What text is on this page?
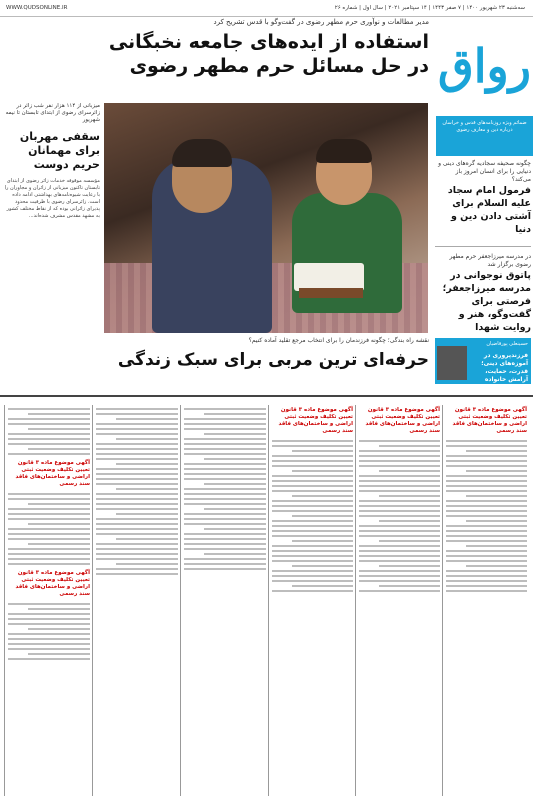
WWW.QUDSONLINE.IR	سه‌شنبه ۲۳ شهریور ۱۴۰۰ | ۷ صفر ۱۴۴۳ | ۱۴ سپتامبر ۲۰۲۱ | سال اول | شماره ۲۶
رواق
ضمائم ویژه روزنامه‌های قدس و خراسان درباره دین و معارف رضوی
مدیر مطالعات و نوآوری حرم مطهر رضوی در گفت‌وگو با قدس تشریح کرد
استفاده از ایده‌های جامعه نخبگانی در حل مسائل حرم مطهر رضوی
نقشه راه بندگی؛ چگونه فرزندمان را برای انتخاب مرجع تقلید آماده کنیم؟
حرفه‌ای ترین مربی برای سبک زندگی
میزبانی از ۱۱۴ هزار نفر شب زائر در زائرسرای رضوی از ابتدای تابستان تا نیمه شهریور
سقفی مهربان برای مهمانان حریم دوست
مؤسسه موقوفه خدمات زائر رضوی از ابتدای تابستان تاکنون میزبانی از زائران و مجاوران را با رعایت شیوه‌نامه‌های بهداشتی ادامه داده است. زائرسرای رضوی با ظرفیت محدود پذیرای زائرانی بوده که از نقاط مختلف کشور به مشهد مقدس مشرف شده‌اند...
چگونه صحیفه سجادیه گره‌های دینی و دنیایی را برای انسان امروز باز می‌کند؟
فرمول امام سجاد علیه السلام برای آشتی دادن دین و دنیا
در مدرسه میرزاجعفر حرم مطهر رضوی برگزار شد
پاتوق نوجوانی در مدرسه میرزاجعفر؛ فرصتی برای گفت‌وگو، هنر و روایت شهدا
حسینعلی پورقاضیان
فرزندپروری در آموزه‌های دینی؛ قدرت، حمایت، آرامش خانواده
آگهی موضوع ماده ۳ قانون تعیین تکلیف وضعیت ثبتی اراضی و ساختمان‌های فاقد سند رسمی
آگهی موضوع ماده ۳ قانون تعیین تکلیف وضعیت ثبتی اراضی و ساختمان‌های فاقد سند رسمی
آگهی موضوع ماده ۳ قانون تعیین تکلیف وضعیت ثبتی اراضی و ساختمان‌های فاقد سند رسمی
آگهی موضوع ماده ۳ قانون تعیین تکلیف وضعیت ثبتی اراضی و ساختمان‌های فاقد سند رسمی
آگهی موضوع ماده ۳ قانون تعیین تکلیف وضعیت ثبتی اراضی و ساختمان‌های فاقد سند رسمی
